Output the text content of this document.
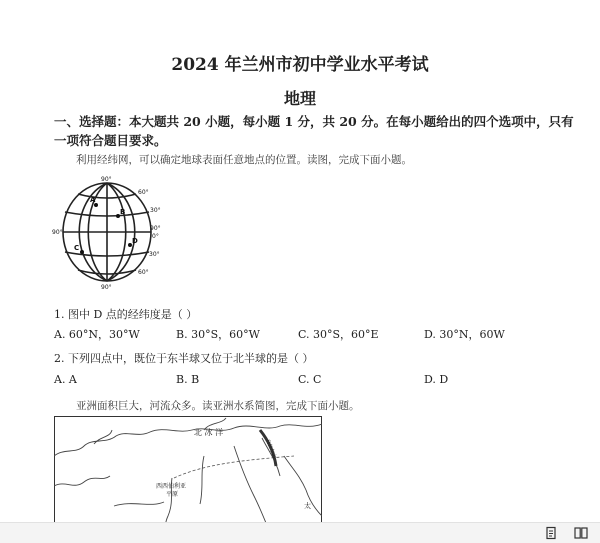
2024 年兰州市初中学业水平考试
地理
一、选择题：本大题共 20 小题，每小题 1 分，共 20 分。在每小题给出的四个选项中，只有
一项符合题目要求。
利用经纬网，可以确定地球表面任意地点的位置。读图，完成下面小题。
90°
90°
90°
90°
60°
30°
0°
30°
60°
A
B
C
D
1. 图中 D 点的经纬度是（ ）
A. 60°N，30°W	B. 30°S，60°W	C. 30°S，60°E	D. 30°N，60W
2. 下列四点中，既位于东半球又位于北半球的是（ ）
A. A	B. B	C. C	D. D
亚洲面积巨大，河流众多。读亚洲水系简图，完成下面小题。
北 冰 洋
乌拉尔山
西西伯利亚
平原
太
